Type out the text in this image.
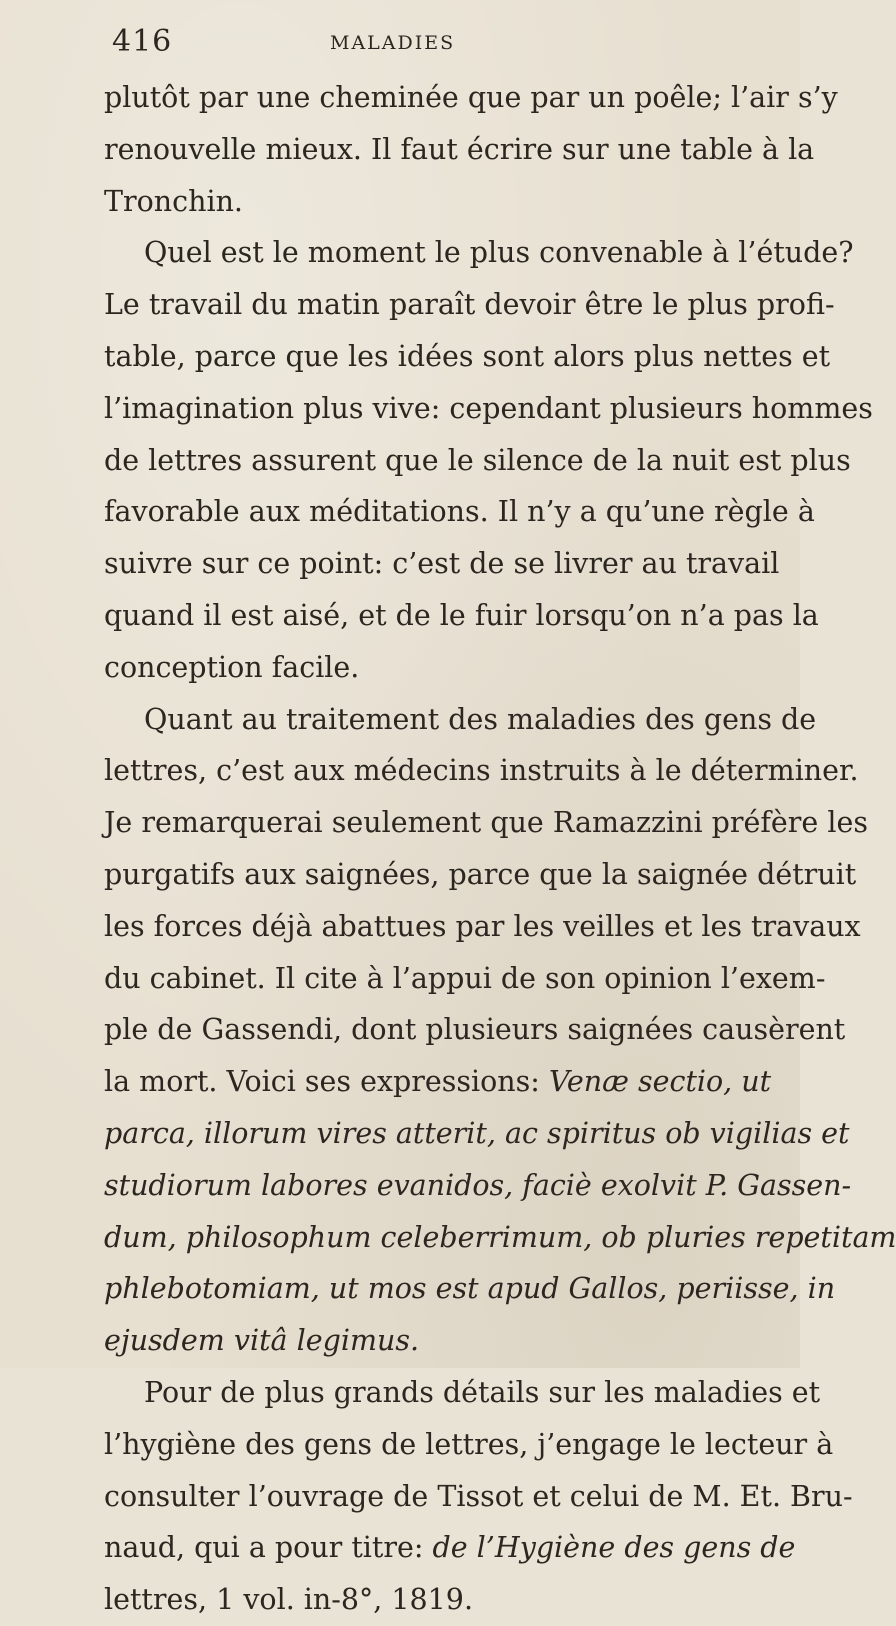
416	MALADIES
plutôt par une cheminée que par un poêle; l’air s’y
renouvelle mieux. Il faut écrire sur une table à la
Tronchin.
Quel est le moment le plus convenable à l’étude?
Le travail du matin paraît devoir être le plus profi-
table, parce que les idées sont alors plus nettes et
l’imagination plus vive: cependant plusieurs hommes
de lettres assurent que le silence de la nuit est plus
favorable aux méditations. Il n’y a qu’une règle à
suivre sur ce point: c’est de se livrer au travail
quand il est aisé, et de le fuir lorsqu’on n’a pas la
conception facile.
Quant au traitement des maladies des gens de
lettres, c’est aux médecins instruits à le déterminer.
Je remarquerai seulement que Ramazzini préfère les
purgatifs aux saignées, parce que la saignée détruit
les forces déjà abattues par les veilles et les travaux
du cabinet. Il cite à l’appui de son opinion l’exem-
ple de Gassendi, dont plusieurs saignées causèrent
la mort. Voici ses expressions: Venæ sectio, ut
parca, illorum vires atterit, ac spiritus ob vigilias et
studiorum labores evanidos, faciè exolvit P. Gassen-
dum, philosophum celeberrimum, ob pluries repetitam
phlebotomiam, ut mos est apud Gallos, periisse, in
ejusdem vitâ legimus.
Pour de plus grands détails sur les maladies et
l’hygiène des gens de lettres, j’engage le lecteur à
consulter l’ouvrage de Tissot et celui de M. Et. Bru-
naud, qui a pour titre: de l’Hygiène des gens de
lettres, 1 vol. in-8°, 1819.
